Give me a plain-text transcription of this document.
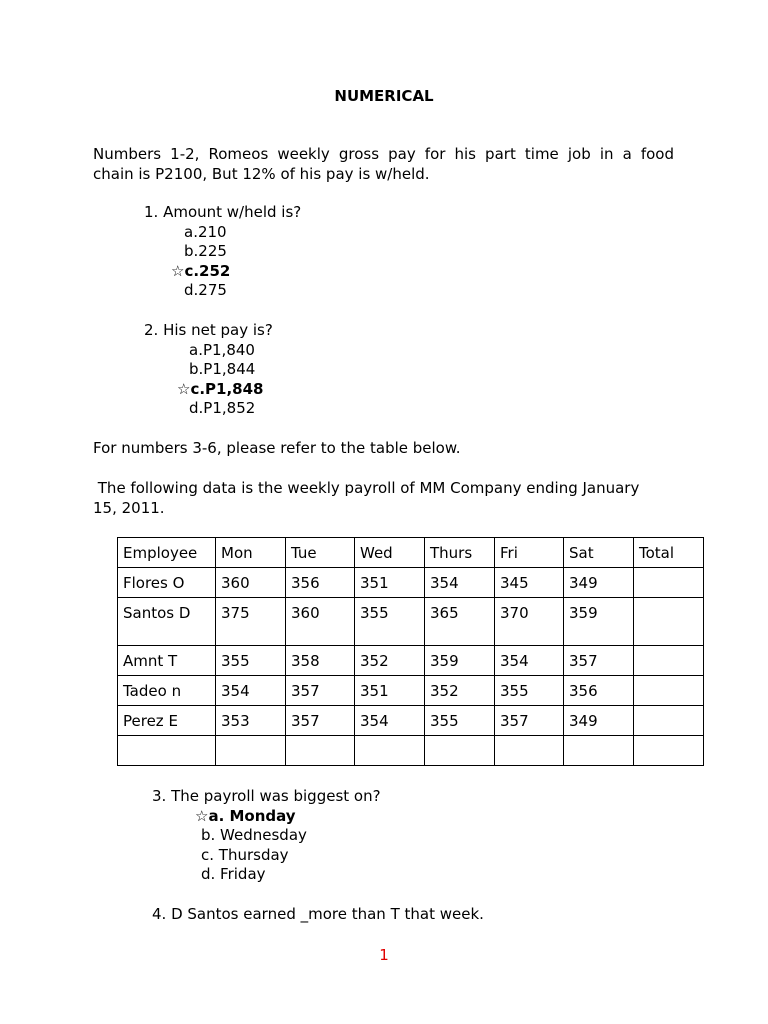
NUMERICAL
Numbers 1-2, Romeos weekly gross pay for his part time job in a food
chain is P2100, But 12% of his pay is w/held.
1. Amount w/held is?
a.210
b.225
☆c.252
d.275
2. His net pay is?
a.P1,840
b.P1,844
☆c.P1,848
d.P1,852
For numbers 3-6, please refer to the table below.
The following data is the weekly payroll of MM Company ending January
15, 2011.
Employee	Mon	Tue	Wed	Thurs	Fri	Sat	Total
Flores O	360	356	351	354	345	349	
Santos D	375	360	355	365	370	359	
Amnt T	355	358	352	359	354	357	
Tadeo n	354	357	351	352	355	356	
Perez E	353	357	354	355	357	349	

3. The payroll was biggest on?
☆a. Monday
b. Wednesday
c. Thursday
d. Friday
4. D Santos earned _more than T that week.
1
